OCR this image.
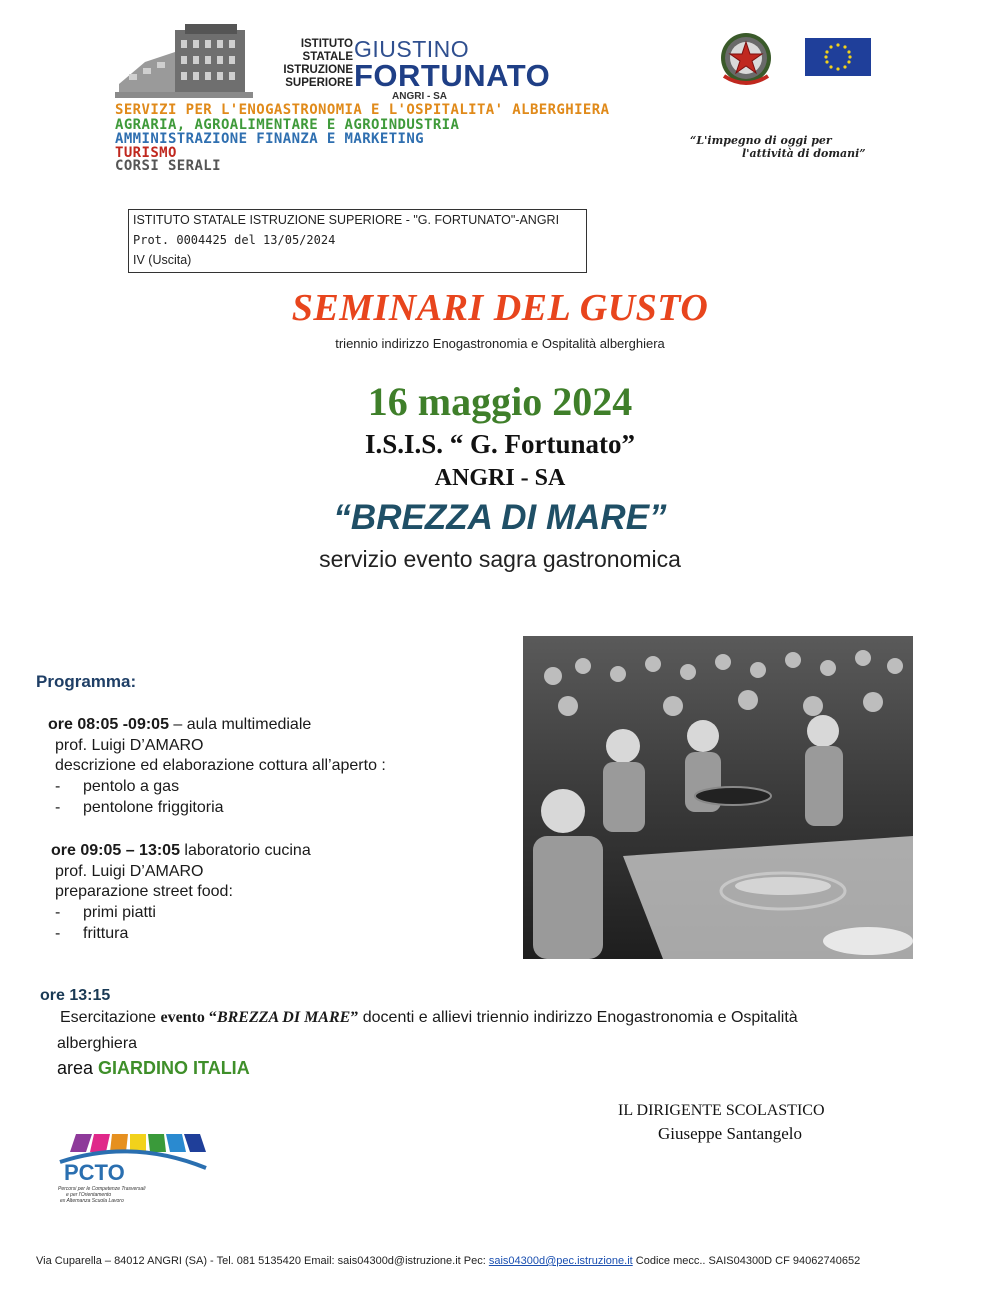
ISTITUTO
STATALE
ISTRUZIONE
SUPERIORE
GIUSTINO
FORTUNATO
ANGRI - SA
SERVIZI PER L'ENOGASTRONOMIA E L'OSPITALITA' ALBERGHIERA
AGRARIA, AGROALIMENTARE E AGROINDUSTRIA
AMMINISTRAZIONE FINANZA E MARKETING
TURISMO
CORSI SERALI
“L'impegno di oggi per
l'attività di domani”
ISTITUTO STATALE ISTRUZIONE SUPERIORE - "G. FORTUNATO"-ANGRI
Prot. 0004425 del 13/05/2024
IV (Uscita)
SEMINARI DEL GUSTO
triennio indirizzo Enogastronomia e Ospitalità alberghiera
16 maggio 2024
I.S.I.S. “ G. Fortunato”
ANGRI - SA
“BREZZA DI MARE”
servizio evento sagra gastronomica
Programma:
ore 08:05 -09:05 – aula multimediale
prof. Luigi D’AMARO
descrizione ed elaborazione cottura all’aperto :
- pentolo a gas
- pentolone friggitoria
ore 09:05 – 13:05 laboratorio cucina
prof. Luigi D’AMARO
preparazione street food:
- primi piatti
- frittura
ore 13:15
Esercitazione evento “BREZZA DI MARE” docenti e allievi triennio indirizzo Enogastronomia e Ospitalità
alberghiera
area GIARDINO ITALIA
IL DIRIGENTE SCOLASTICO
Giuseppe Santangelo
PCTO
Percorsi per le Competenze Trasversali
e per l'Orientamento
ex Alternanza Scuola Lavoro
Via Cuparella – 84012 ANGRI (SA) - Tel. 081 5135420 Email: sais04300d@istruzione.it Pec: sais04300d@pec.istruzione.it Codice mecc.. SAIS04300D CF 94062740652
